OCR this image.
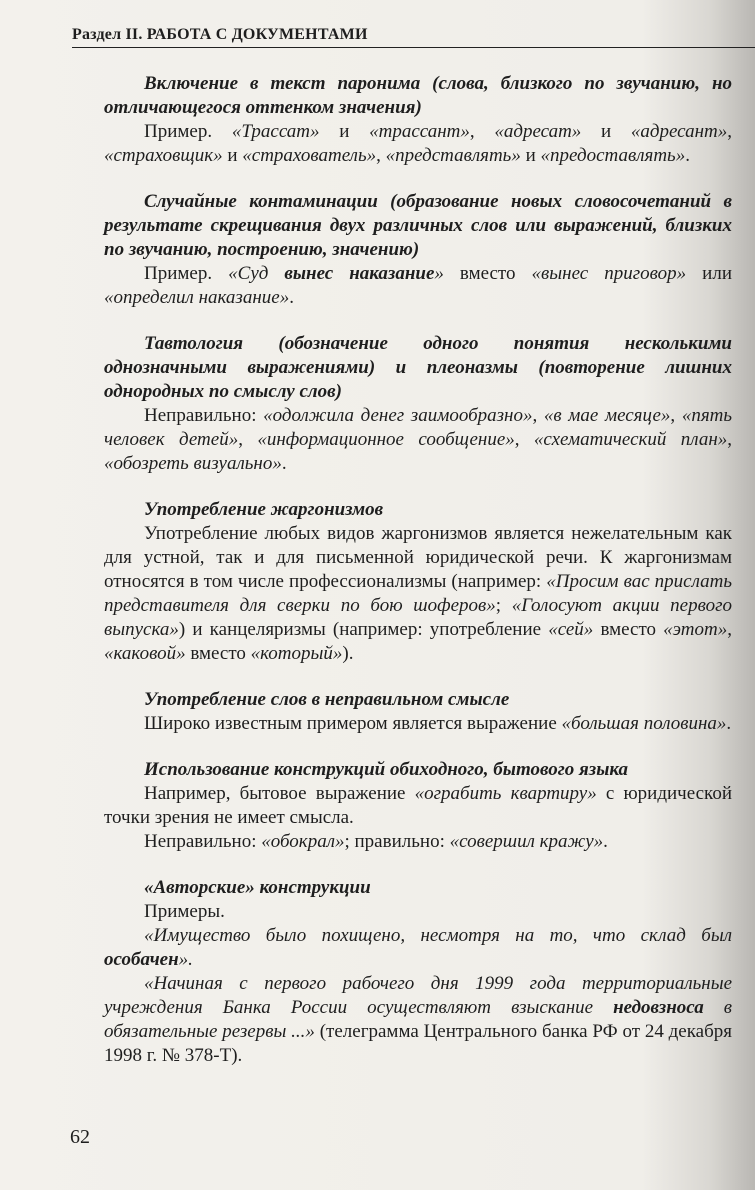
Раздел II. РАБОТА С ДОКУМЕНТАМИ

Включение в текст паронима (слова, близкого по звучанию, но отличающегося оттенком значения)

Пример. «Трассат» и «трассант», «адресат» и «адресант», «страховщик» и «страхователь», «представлять» и «предоставлять».

Случайные контаминации (образование новых словосочетаний в результате скрещивания двух различных слов или выражений, близких по звучанию, построению, значению)

Пример. «Суд вынес наказание» вместо «вынес приговор» или «определил наказание».

Тавтология (обозначение одного понятия несколькими однозначными выражениями) и плеоназмы (повторение лишних однородных по смыслу слов)

Неправильно: «одолжила денег заимообразно», «в мае месяце», «пять человек детей», «информационное сообщение», «схематический план», «обозреть визуально».

Употребление жаргонизмов

Употребление любых видов жаргонизмов является нежелательным как для устной, так и для письменной юридической речи. К жаргонизмам относятся в том числе профессионализмы (например: «Просим вас прислать представителя для сверки по бою шоферов»; «Голосуют акции первого выпуска») и канцеляризмы (например: употребление «сей» вместо «этот», «каковой» вместо «который»).

Употребление слов в неправильном смысле

Широко известным примером является выражение «большая половина».

Использование конструкций обиходного, бытового языка

Например, бытовое выражение «ограбить квартиру» с юридической точки зрения не имеет смысла.

Неправильно: «обокрал»; правильно: «совершил кражу».

«Авторские» конструкции

Примеры.

«Имущество было похищено, несмотря на то, что склад был особачен».

«Начиная с первого рабочего дня 1999 года территориальные учреждения Банка России осуществляют взыскание недовзноса в обязательные резервы ...» (телеграмма Центрального банка РФ от 24 декабря 1998 г. № 378-Т).

62
